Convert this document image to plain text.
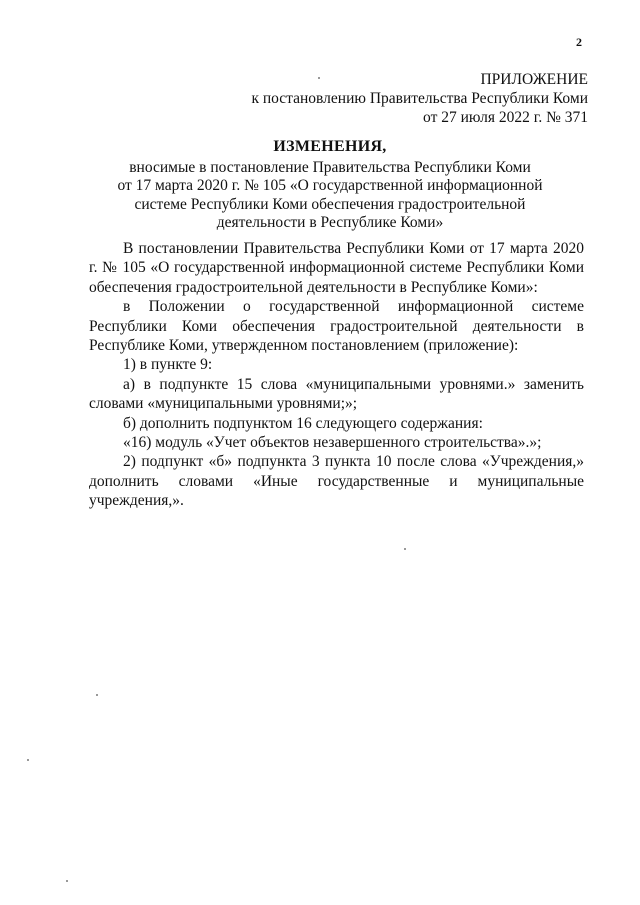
2
ПРИЛОЖЕНИЕ
к постановлению Правительства Республики Коми
от 27 июля 2022 г. № 371
ИЗМЕНЕНИЯ,
вносимые в постановление Правительства Республики Коми
от 17 марта 2020 г. № 105 «О государственной информационной
системе Республики Коми обеспечения градостроительной
деятельности в Республике Коми»

В постановлении Правительства Республики Коми от 17 марта 2020 г. № 105 «О государственной информационной системе Республики Коми обеспечения градостроительной деятельности в Республике Коми»:

в Положении о государственной информационной системе Республики Коми обеспечения градостроительной деятельности в Республике Коми, утвержденном постановлением (приложение):

1) в пункте 9:

а) в подпункте 15 слова «муниципальными уровнями.» заменить словами «муниципальными уровнями;»;

б) дополнить подпунктом 16 следующего содержания:

«16) модуль «Учет объектов незавершенного строительства».»;

2) подпункт «б» подпункта 3 пункта 10 после слова «Учреждения,» дополнить словами «Иные государственные и муниципальные учреждения,».
